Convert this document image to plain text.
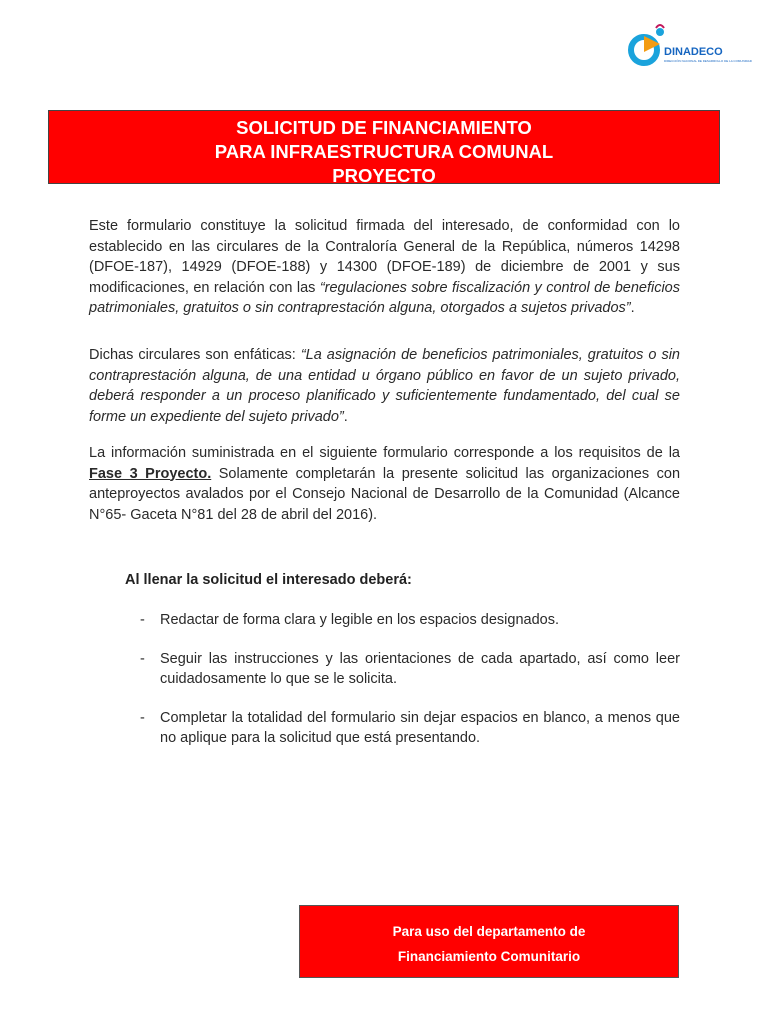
DINADECO
DIRECCIÓN NACIONAL DE DESARROLLO DE LA COMUNIDAD
SOLICITUD DE FINANCIAMIENTO
PARA INFRAESTRUCTURA COMUNAL
PROYECTO

Este formulario constituye la solicitud firmada del interesado, de conformidad con lo establecido en las circulares de la Contraloría General de la República, números 14298 (DFOE-187), 14929 (DFOE-188) y 14300 (DFOE-189) de diciembre de 2001 y sus modificaciones, en relación con las “regulaciones sobre fiscalización y control de beneficios patrimoniales, gratuitos o sin contraprestación alguna, otorgados a sujetos privados”.

Dichas circulares son enfáticas: “La asignación de beneficios patrimoniales, gratuitos o sin contraprestación alguna, de una entidad u órgano público en favor de un sujeto privado, deberá responder a un proceso planificado y suficientemente fundamentado, del cual se forme un expediente del sujeto privado”.

La información suministrada en el siguiente formulario corresponde a los requisitos de la Fase 3 Proyecto. Solamente completarán la presente solicitud las organizaciones con anteproyectos avalados por el Consejo Nacional de Desarrollo de la Comunidad (Alcance N°65- Gaceta N°81 del 28 de abril del 2016).

Al llenar la solicitud el interesado deberá:
- Redactar de forma clara y legible en los espacios designados.
- Seguir las instrucciones y las orientaciones de cada apartado, así como leer cuidadosamente lo que se le solicita.
- Completar la totalidad del formulario sin dejar espacios en blanco, a menos que no aplique para la solicitud que está presentando.
Para uso del departamento de
Financiamiento Comunitario
